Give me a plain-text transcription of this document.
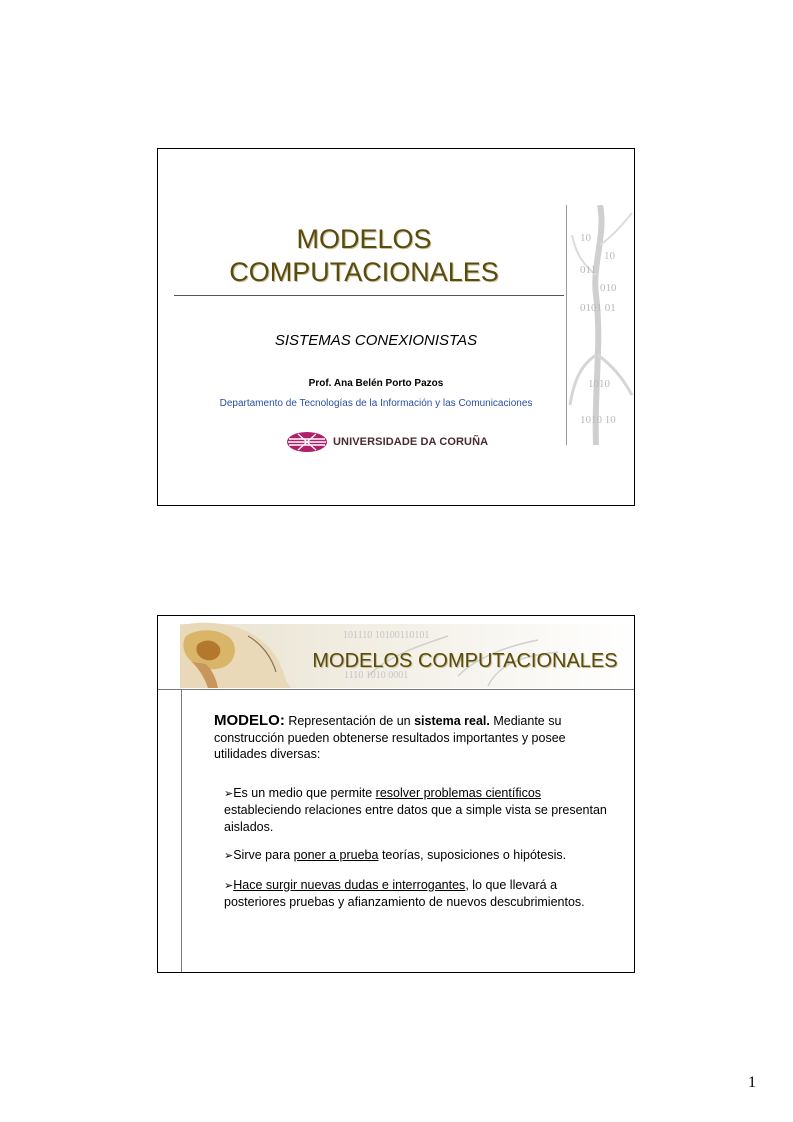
MODELOS
COMPUTACIONALES
SISTEMAS CONEXIONISTAS
Prof. Ana Belén Porto Pazos
Departamento de Tecnologías de la Información y las Comunicaciones
UNIVERSIDADE DA CORUÑA
10
10
011
010
0101 01
1010
1010 10
101110 10100110101
1110 1010 0001
MODELOS COMPUTACIONALES
MODELO: Representación de un sistema real. Mediante su construcción pueden obtenerse resultados importantes y posee utilidades diversas:
➢Es un medio que permite resolver problemas científicos estableciendo relaciones entre datos que a simple vista se presentan aislados.
➢Sirve para poner a prueba teorías, suposiciones o hipótesis.
➢Hace surgir nuevas dudas e interrogantes, lo que llevará a posteriores pruebas y afianzamiento de nuevos descubrimientos.
1
